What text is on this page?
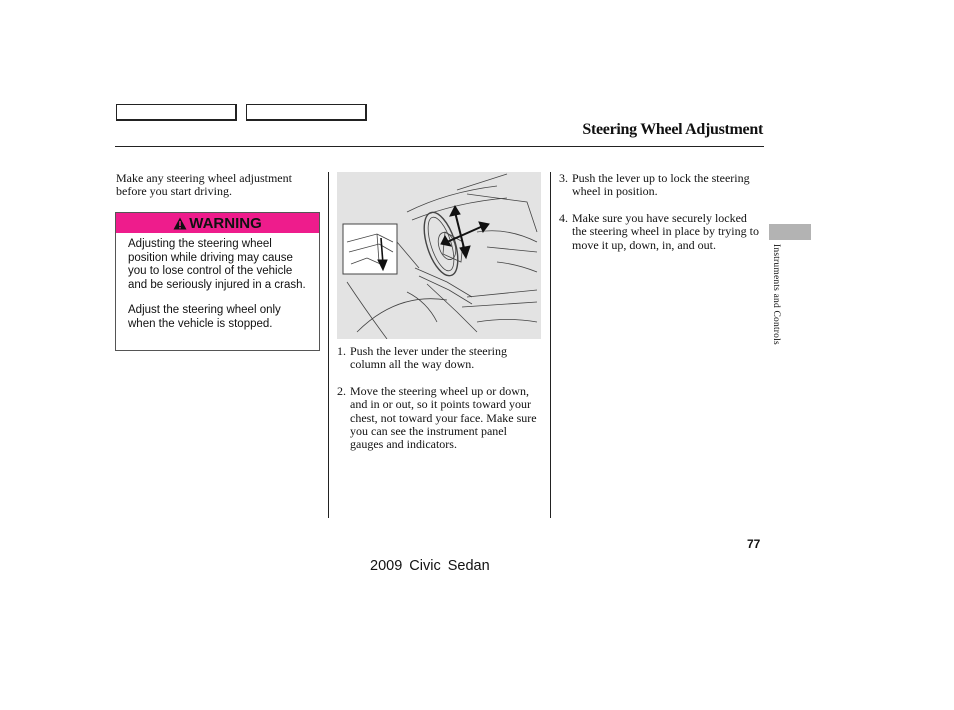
Steering Wheel Adjustment
Make any steering wheel adjustment before you start driving.
WARNING

Adjusting the steering wheel position while driving may cause you to lose control of the vehicle and be seriously injured in a crash.

Adjust the steering wheel only when the vehicle is stopped.

1. Push the lever under the steering column all the way down.
2. Move the steering wheel up or down, and in or out, so it points toward your chest, not toward your face. Make sure you can see the instrument panel gauges and indicators.
3. Push the lever up to lock the steering wheel in position.
4. Make sure you have securely locked the steering wheel in place by trying to move it up, down, in, and out.	Instruments and Controls
77
2009 Civic Sedan
